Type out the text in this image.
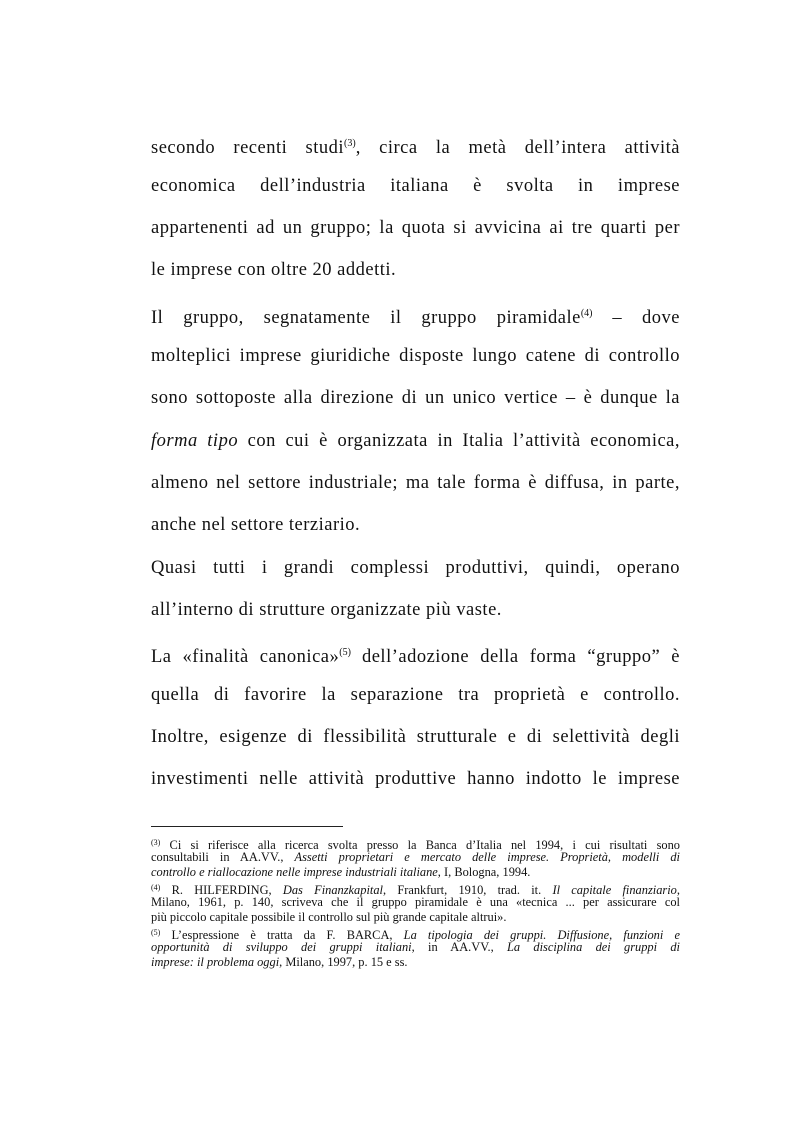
secondo recenti studi$^{(3)}$, circa la metà dell’intera attività
economica dell’industria italiana è svolta in imprese
appartenenti ad un gruppo; la quota si avvicina ai tre quarti per
le imprese con oltre 20 addetti.
Il gruppo, segnatamente il gruppo piramidale$^{(4)}$ – dove
molteplici imprese giuridiche disposte lungo catene di controllo
sono sottoposte alla direzione di un unico vertice – è dunque la
forma tipo con cui è organizzata in Italia l’attività economica,
almeno nel settore industriale; ma tale forma è diffusa, in parte,
anche nel settore terziario.
Quasi tutti i grandi complessi produttivi, quindi, operano
all’interno di strutture organizzate più vaste.
La «finalità canonica»$^{(5)}$ dell’adozione della forma “gruppo” è
quella di favorire la separazione tra proprietà e controllo.
Inoltre, esigenze di flessibilità strutturale e di selettività degli
investimenti nelle attività produttive hanno indotto le imprese
$^{(3)}$ Ci si riferisce alla ricerca svolta presso la Banca d’Italia nel 1994, i cui risultati sono
consultabili in AA.VV., Assetti proprietari e mercato delle imprese. Proprietà, modelli di
controllo e riallocazione nelle imprese industriali italiane, I, Bologna, 1994.
$^{(4)}$ R. HILFERDING, Das Finanzkapital, Frankfurt, 1910, trad. it. Il capitale finanziario,
Milano, 1961, p. 140, scriveva che il gruppo piramidale è una «tecnica ... per assicurare col
più piccolo capitale possibile il controllo sul più grande capitale altrui».
$^{(5)}$ L’espressione è tratta da F. BARCA, La tipologia dei gruppi. Diffusione, funzioni e
opportunità di sviluppo dei gruppi italiani, in AA.VV., La disciplina dei gruppi di
imprese: il problema oggi, Milano, 1997, p. 15 e ss.
